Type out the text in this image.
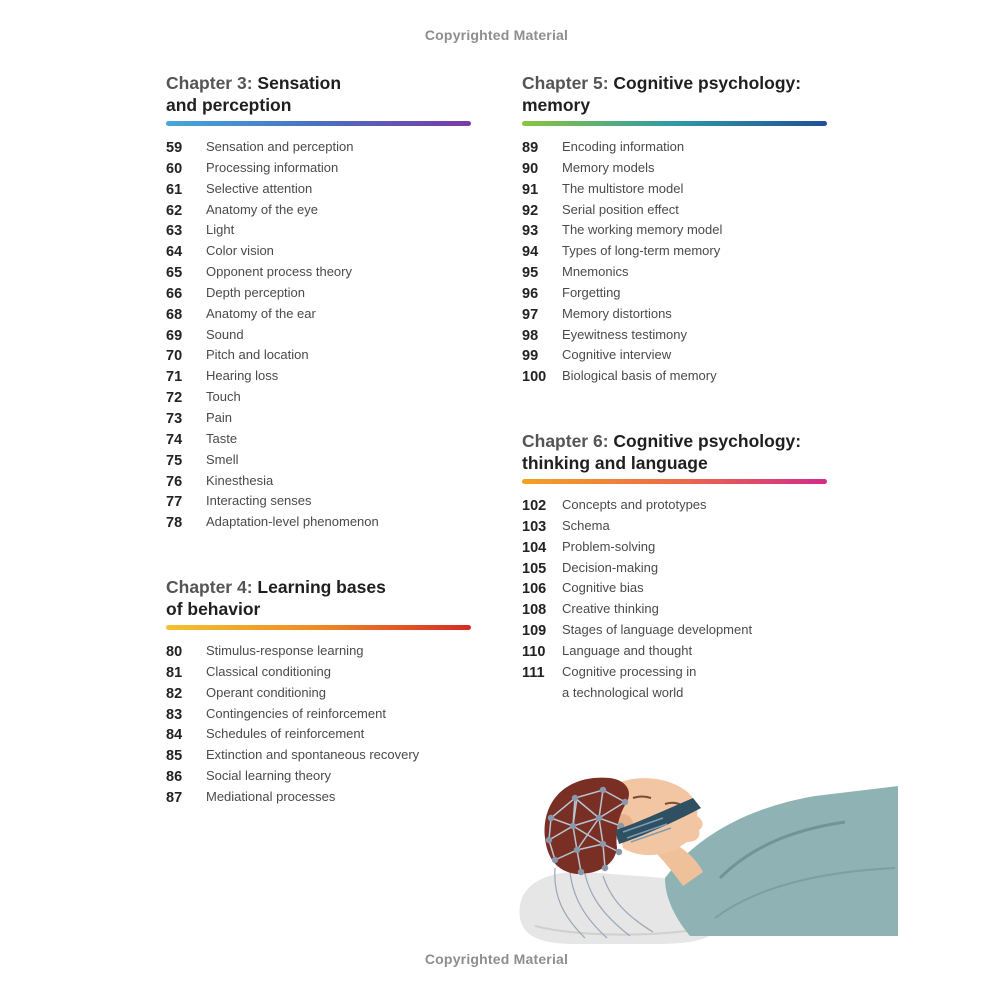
Copyrighted Material
Chapter 3: Sensation
and perception
59	Sensation and perception
60	Processing information
61	Selective attention
62	Anatomy of the eye
63	Light
64	Color vision
65	Opponent process theory
66	Depth perception
68	Anatomy of the ear
69	Sound
70	Pitch and location
71	Hearing loss
72	Touch
73	Pain
74	Taste
75	Smell
76	Kinesthesia
77	Interacting senses
78	Adaptation-level phenomenon
Chapter 4: Learning bases
of behavior
80	Stimulus-response learning
81	Classical conditioning
82	Operant conditioning
83	Contingencies of reinforcement
84	Schedules of reinforcement
85	Extinction and spontaneous recovery
86	Social learning theory
87	Mediational processes
Chapter 5: Cognitive psychology:
memory
89	Encoding information
90	Memory models
91	The multistore model
92	Serial position effect
93	The working memory model
94	Types of long-term memory
95	Mnemonics
96	Forgetting
97	Memory distortions
98	Eyewitness testimony
99	Cognitive interview
100	Biological basis of memory
Chapter 6: Cognitive psychology:
thinking and language
102	Concepts and prototypes
103	Schema
104	Problem-solving
105	Decision-making
106	Cognitive bias
108	Creative thinking
109	Stages of language development
110	Language and thought
111	Cognitive processing in
a technological world
Copyrighted Material
